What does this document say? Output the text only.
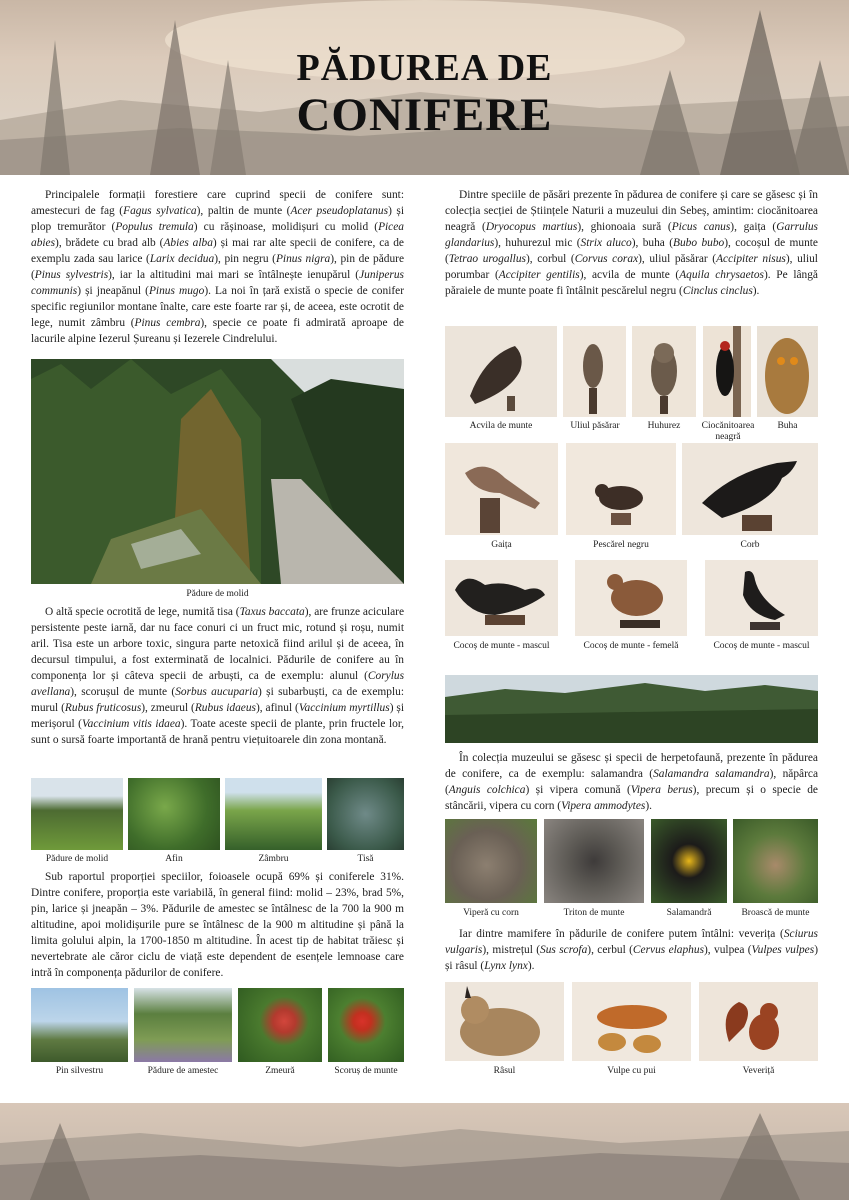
PĂDUREA DE
CONIFERE

Principalele formații forestiere care cuprind specii de conifere sunt: amestecuri de fag (Fagus sylvatica), paltin de munte (Acer pseudoplatanus) și plop tremurător (Populus tremula) cu rășinoase, molidișuri cu molid (Picea abies), brădete cu brad alb (Abies alba) și mai rar alte specii de conifere, ca de exemplu zada sau larice (Larix decidua), pin negru (Pinus nigra), pin de pădure (Pinus sylvestris), iar la altitudini mai mari se întâlnește ienupărul (Juniperus communis) și jneapănul (Pinus mugo). La noi în țară există o specie de conifer specific regiunilor montane înalte, care este foarte rar și, de aceea, este ocrotit de lege, numit zâmbru (Pinus cembra), specie ce poate fi admirată aproape de lacurile alpine Iezerul Șureanu și Iezerele Cindrelului.

Pădure de molid

O altă specie ocrotită de lege, numită tisa (Taxus baccata), are frunze aciculare persistente peste iarnă, dar nu face conuri ci un fruct mic, rotund și roșu, numit aril. Tisa este un arbore toxic, singura parte netoxică fiind arilul și de aceea, în decursul timpului, a fost exterminată de localnici. Pădurile de conifere au în componența lor și câteva specii de arbuști, ca de exemplu: alunul (Corylus avellana), scorușul de munte (Sorbus aucuparia) și subarbuști, ca de exemplu: murul (Rubus fruticosus), zmeurul (Rubus idaeus), afinul (Vaccinium myrtillus) și merișorul (Vaccinium vitis idaea). Toate aceste specii de plante, prin fructele lor, sunt o sursă foarte importantă de hrană pentru viețuitoarele din zona montană.

Pădure de molid	Afin	Zâmbru	Tisă

Sub raportul proporției speciilor, foioasele ocupă 69% și coniferele 31%. Dintre conifere, proporția este variabilă, în general fiind: molid – 23%, brad 5%, pin, larice și jneapăn – 3%. Pădurile de amestec se întâlnesc de la 700 la 900 m altitudine, apoi molidișurile pure se întâlnesc de la 900 m altitudine și până la limita golului alpin, la 1700-1850 m altitudine. În acest tip de habitat trăiesc și nevertebrate ale căror ciclu de viață este dependent de esențele lemnoase care intră în componența pădurilor de conifere.

Pin silvestru	Pădure de amestec	Zmeură	Scoruș de munte

Dintre speciile de păsări prezente în pădurea de conifere și care se găsesc și în colecția secției de Științele Naturii a muzeului din Sebeș, amintim: ciocănitoarea neagră (Dryocopus martius), ghionoaia sură (Picus canus), gaița (Garrulus glandarius), huhurezul mic (Strix aluco), buha (Bubo bubo), cocoșul de munte (Tetrao urogallus), corbul (Corvus corax), uliul păsărar (Accipiter nisus), uliul porumbar (Accipiter gentilis), acvila de munte (Aquila chrysaetos). Pe lângă păraiele de munte poate fi întâlnit pescărelul negru (Cinclus cinclus).

Acvila de munte	Uliul păsărar	Huhurez	Ciocănitoarea neagră
Buha
Gaița	Pescărel negru	Corb
Cocoș de munte - mascul	Cocoș de munte - femelă	Cocoș de munte - mascul

În colecția muzeului se găsesc și specii de herpetofaună, prezente în pădurea de conifere, ca de exemplu: salamandra (Salamandra salamandra), năpârca (Anguis colchica) și vipera comună (Vipera berus), precum și o specie de stâncării, vipera cu corn (Vipera ammodytes).

Viperă cu corn	Triton de munte	Salamandră	Broască de munte

Iar dintre mamifere în pădurile de conifere putem întâlni: veverița (Sciurus vulgaris), mistrețul (Sus scrofa), cerbul (Cervus elaphus), vulpea (Vulpes vulpes) și râsul (Lynx lynx).

Râsul	Vulpe cu pui	Veveriță
